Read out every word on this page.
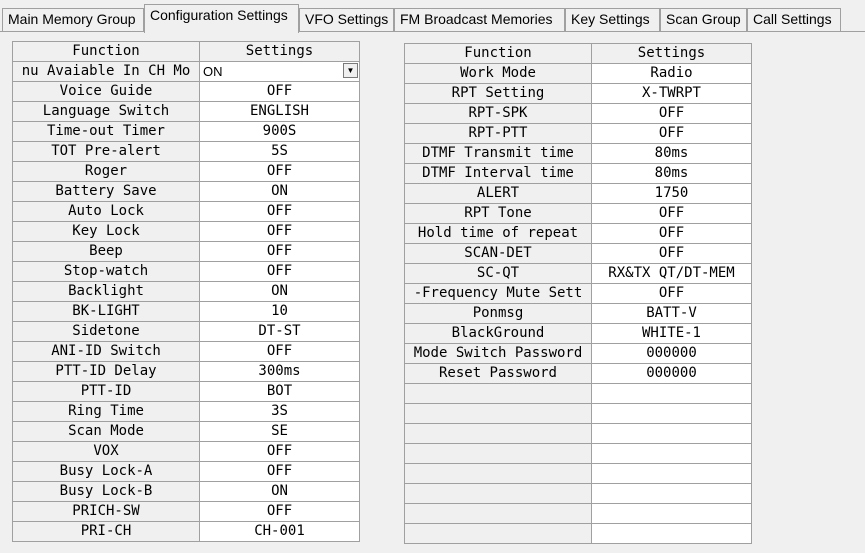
Main Memory Group	Configuration Settings	VFO Settings FM Broadcast Memories	Key Settings	Scan Group Call Settings
Function	Settings
nu Avaiable In CH Mo	ON ▼

Voice Guide	OFF
Language Switch	ENGLISH
Time-out Timer	900S
TOT Pre-alert	5S
Roger	OFF
Battery Save	ON
Auto Lock	OFF
Key Lock	OFF
Beep	OFF
Stop-watch	OFF
Backlight	ON
BK-LIGHT	10
Sidetone	DT-ST
ANI-ID Switch	OFF
PTT-ID Delay	300ms
PTT-ID	BOT
Ring Time	3S
Scan Mode	SE
VOX	OFF
Busy Lock-A	OFF
Busy Lock-B	ON
PRICH-SW	OFF
PRI-CH	CH-001
Function	Settings
Work Mode	Radio
RPT Setting	X-TWRPT
RPT-SPK	OFF
RPT-PTT	OFF
DTMF Transmit time	80ms
DTMF Interval time	80ms
ALERT	1750
RPT Tone	OFF
Hold time of repeat	OFF
SCAN-DET	OFF
SC-QT	RX&TX QT/DT-MEM
-Frequency Mute Sett	OFF
Ponmsg	BATT-V
BlackGround	WHITE-1
Mode Switch Password	000000
Reset Password	000000
